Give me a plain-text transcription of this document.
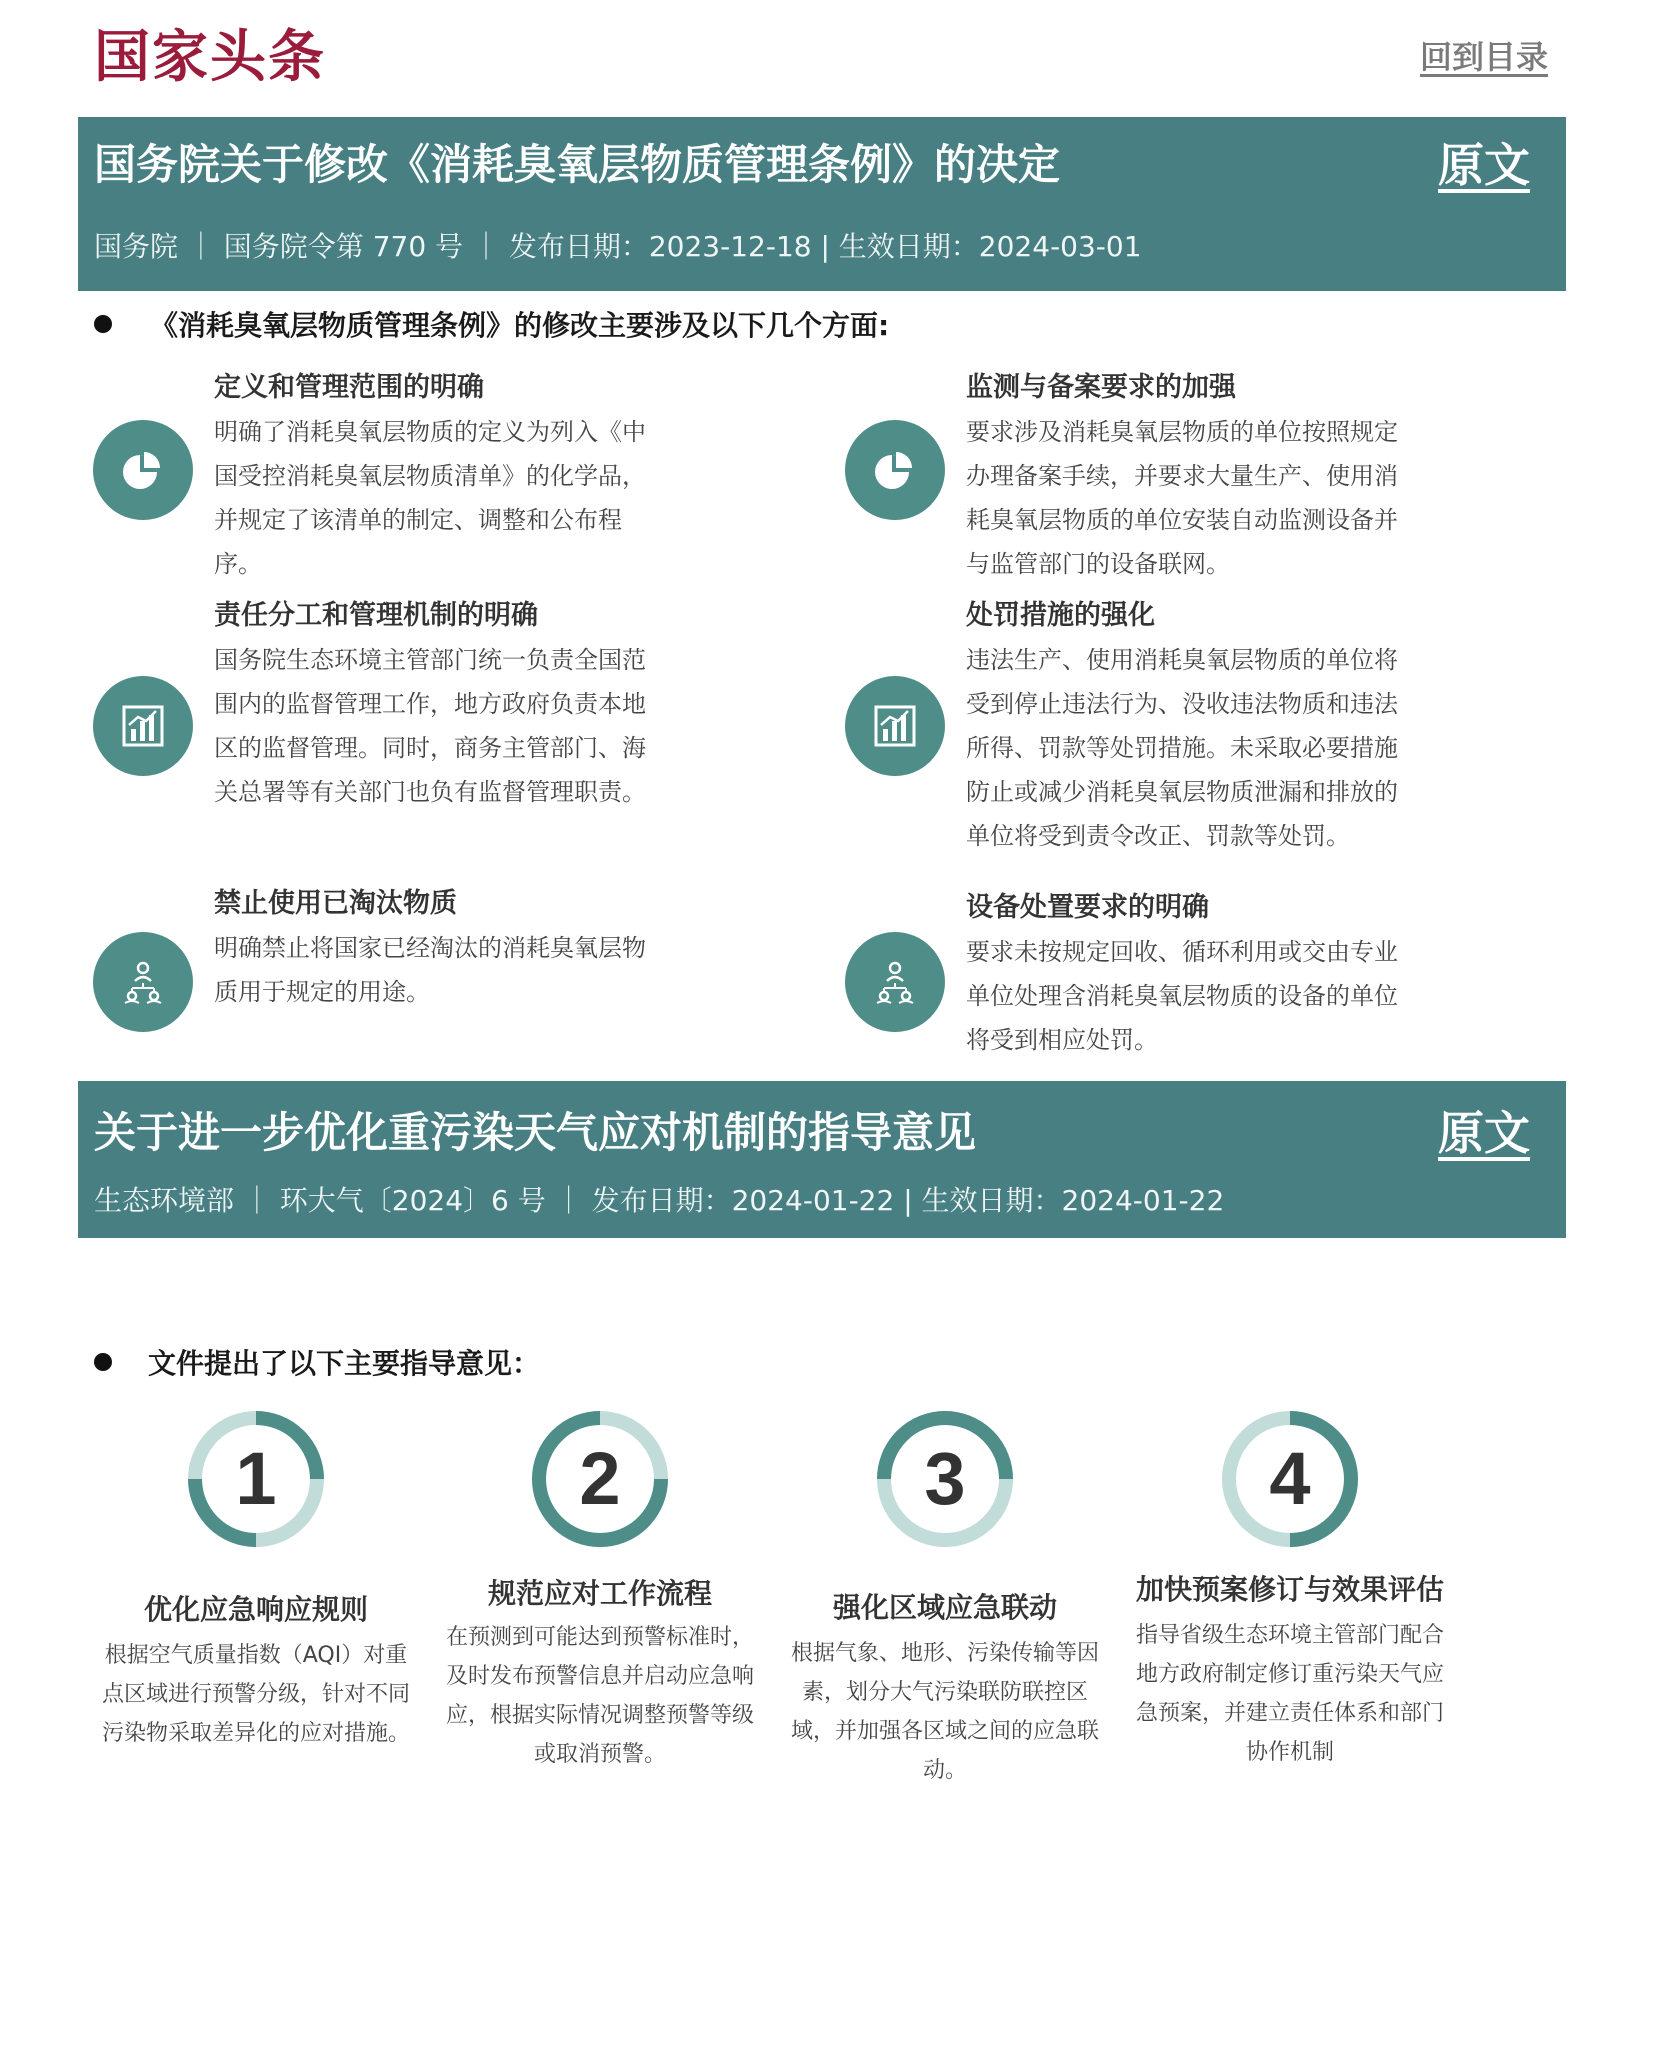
国家头条	回到目录
国务院关于修改《消耗臭氧层物质管理条例》的决定
国务院 ｜ 国务院令第 770 号 ｜ 发布日期：2023-12-18 | 生效日期：2024-03-01
原文
《消耗臭氧层物质管理条例》的修改主要涉及以下几个方面:
定义和管理范围的明确
明确了消耗臭氧层物质的定义为列入《中国受控消耗臭氧层物质清单》的化学品，并规定了该清单的制定、调整和公布程序。
监测与备案要求的加强
要求涉及消耗臭氧层物质的单位按照规定办理备案手续，并要求大量生产、使用消耗臭氧层物质的单位安装自动监测设备并与监管部门的设备联网。
责任分工和管理机制的明确
国务院生态环境主管部门统一负责全国范围内的监督管理工作，地方政府负责本地区的监督管理。同时，商务主管部门、海关总署等有关部门也负有监督管理职责。
处罚措施的强化
违法生产、使用消耗臭氧层物质的单位将受到停止违法行为、没收违法物质和违法所得、罚款等处罚措施。未采取必要措施防止或减少消耗臭氧层物质泄漏和排放的单位将受到责令改正、罚款等处罚。
禁止使用已淘汰物质
明确禁止将国家已经淘汰的消耗臭氧层物质用于规定的用途。
设备处置要求的明确
要求未按规定回收、循环利用或交由专业单位处理含消耗臭氧层物质的设备的单位将受到相应处罚。
关于进一步优化重污染天气应对机制的指导意见
生态环境部 ｜ 环大气〔2024〕6 号 ｜ 发布日期：2024-01-22 | 生效日期：2024-01-22
原文
文件提出了以下主要指导意见：
1
优化应急响应规则
根据空气质量指数（AQI）对重点区域进行预警分级，针对不同污染物采取差异化的应对措施。
2
规范应对工作流程
在预测到可能达到预警标准时，及时发布预警信息并启动应急响应，根据实际情况调整预警等级或取消预警。
3
强化区域应急联动
根据气象、地形、污染传输等因素，划分大气污染联防联控区域，并加强各区域之间的应急联动。
4
加快预案修订与效果评估
指导省级生态环境主管部门配合地方政府制定修订重污染天气应急预案，并建立责任体系和部门协作机制
